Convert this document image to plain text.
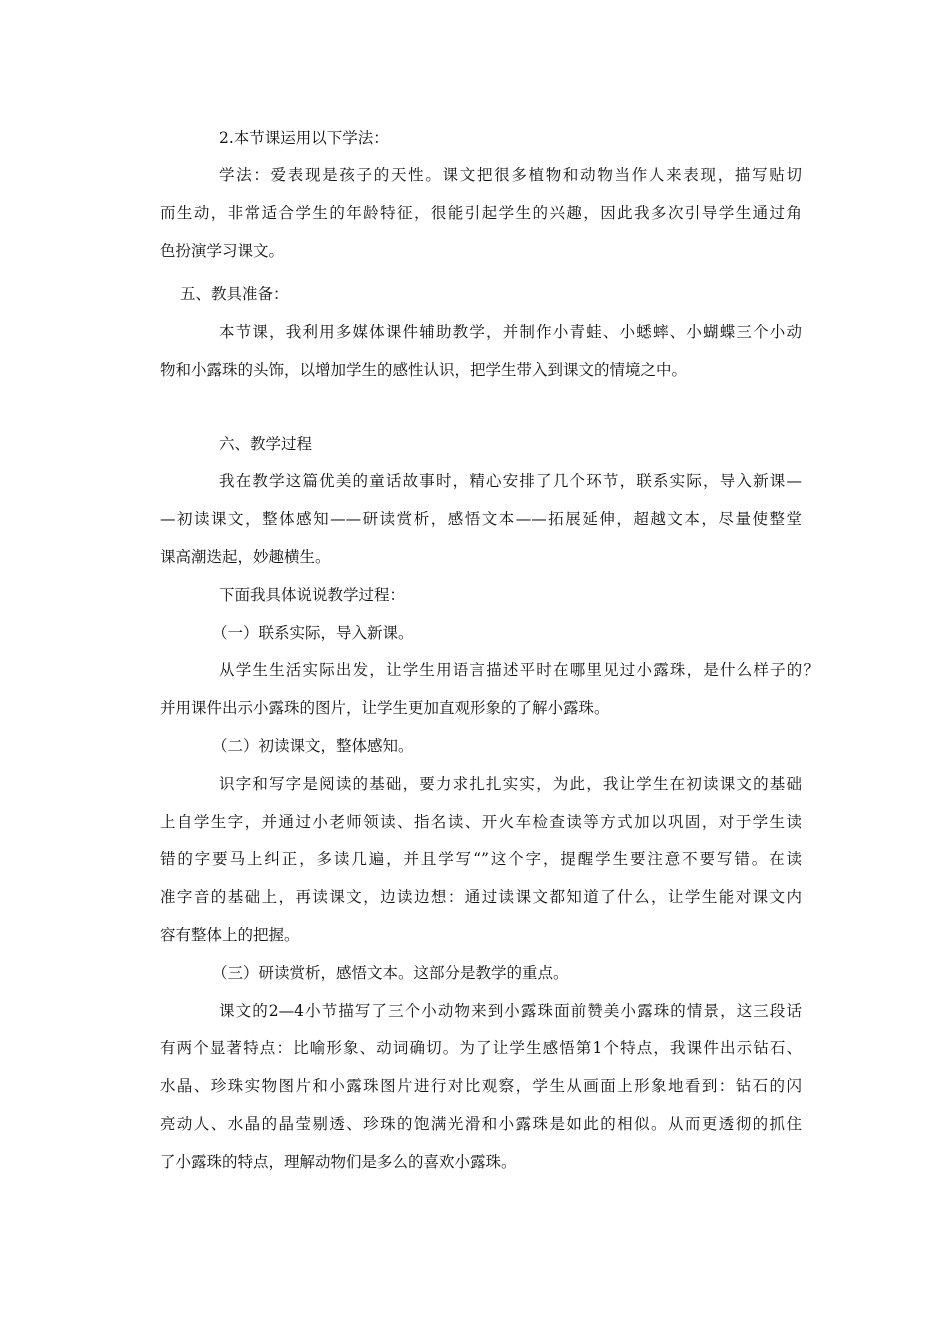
2.本节课运用以下学法：
学法：爱表现是孩子的天性。课文把很多植物和动物当作人来表现，描写贴切
而生动，非常适合学生的年龄特征，很能引起学生的兴趣，因此我多次引导学生通过角
色扮演学习课文。
五、教具准备：
本节课，我利用多媒体课件辅助教学，并制作小青蛙、小蟋蟀、小蝴蝶三个小动
物和小露珠的头饰，以增加学生的感性认识，把学生带入到课文的情境之中。
六、教学过程
我在教学这篇优美的童话故事时，精心安排了几个环节，联系实际，导入新课—
—初读课文，整体感知——研读赏析，感悟文本——拓展延伸，超越文本，尽量使整堂
课高潮迭起，妙趣横生。
下面我具体说说教学过程：
（一）联系实际，导入新课。
从学生生活实际出发，让学生用语言描述平时在哪里见过小露珠，是什么样子的？
并用课件出示小露珠的图片，让学生更加直观形象的了解小露珠。
（二）初读课文，整体感知。
识字和写字是阅读的基础，要力求扎扎实实，为此，我让学生在初读课文的基础
上自学生字，并通过小老师领读、指名读、开火车检查读等方式加以巩固，对于学生读
错的字要马上纠正，多读几遍，并且学写“”这个字，提醒学生要注意不要写错。在读
准字音的基础上，再读课文，边读边想：通过读课文都知道了什么，让学生能对课文内
容有整体上的把握。
（三）研读赏析，感悟文本。这部分是教学的重点。
课文的2—4小节描写了三个小动物来到小露珠面前赞美小露珠的情景，这三段话
有两个显著特点：比喻形象、动词确切。为了让学生感悟第1个特点，我课件出示钻石、
水晶、珍珠实物图片和小露珠图片进行对比观察，学生从画面上形象地看到：钻石的闪
亮动人、水晶的晶莹剔透、珍珠的饱满光滑和小露珠是如此的相似。从而更透彻的抓住
了小露珠的特点，理解动物们是多么的喜欢小露珠。
